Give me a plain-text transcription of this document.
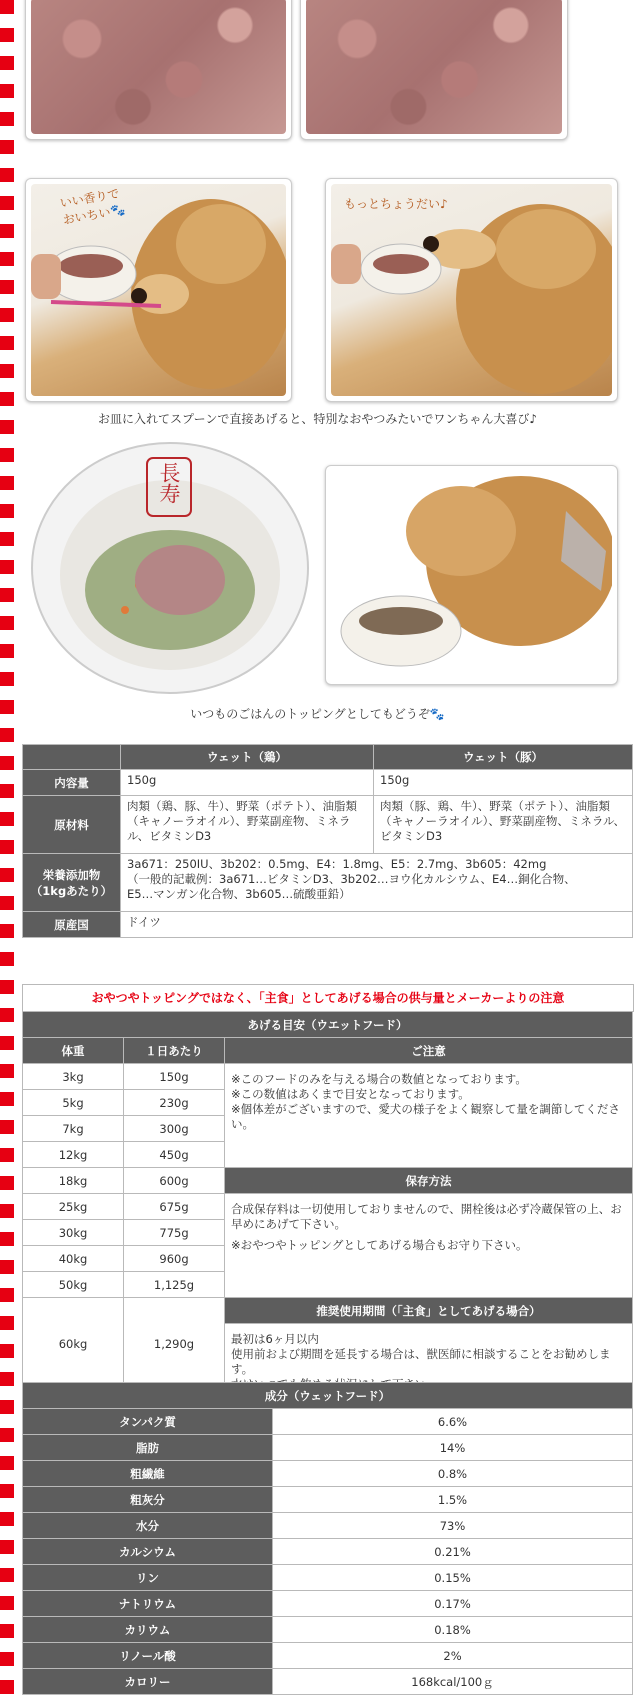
いい香りで
おいちい🐾	もっとちょうだい♪
お皿に入れてスプーンで直接あげると、特別なおやつみたいでワンちゃん大喜び♪
長寿
いつものごはんのトッピングとしてもどうぞ🐾
	ウェット（鶏）	ウェット（豚）
内容量	150g	150g
原材料	肉類（鶏、豚、牛）、野菜（ポテト）、油脂類（キャノーラオイル）、野菜副産物、ミネラル、ビタミンD3	肉類（豚、鶏、牛）、野菜（ポテト）、油脂類（キャノーラオイル）、野菜副産物、ミネラル、ビタミンD3
栄養添加物
（1kgあたり）	3a671：250IU、3b202：0.5mg、E4：1.8mg、E5：2.7mg、3b605：42mg
（一般的記載例：3a671…ビタミンD3、3b202…ヨウ化カルシウム、E4…銅化合物、
E5…マンガン化合物、3b605…硫酸亜鉛）	
原産国	ドイツ	
おやつやトッピングではなく、「主食」としてあげる場合の供与量とメーカーよりの注意
あげる目安（ウエットフード）		
体重	１日あたり	ご注意
3kg	150g	※このフードのみを与える場合の数値となっております。
※この数値はあくまで目安となっております。
※個体差がございますので、愛犬の様子をよく観察して量を調節してください。
5kg	230g	
7kg	300g	
12kg	450g	
18kg	600g	保存方法
25kg	675g	合成保存料は一切使用しておりませんので、開栓後は必ず冷蔵保管の上、お早めにあげて下さい。
※おやつやトッピングとしてあげる場合もお守り下さい。

30kg	775g	
40kg	960g	
50kg	1,125g	
60kg	1,290g	推奨使用期間（「主食」としてあげる場合）
		最初は6ヶ月以内
使用前および期間を延長する場合は、獣医師に相談することをお勧めします。

成分（ウェットフード）	
タンパク質	6.6%
脂肪	14%
粗繊維	0.8%
粗灰分	1.5%
水分	73%
カルシウム	0.21%
リン	0.15%
ナトリウム	0.17%
カリウム	0.18%
リノール酸	2%
カロリー	168kcal/100ｇ
